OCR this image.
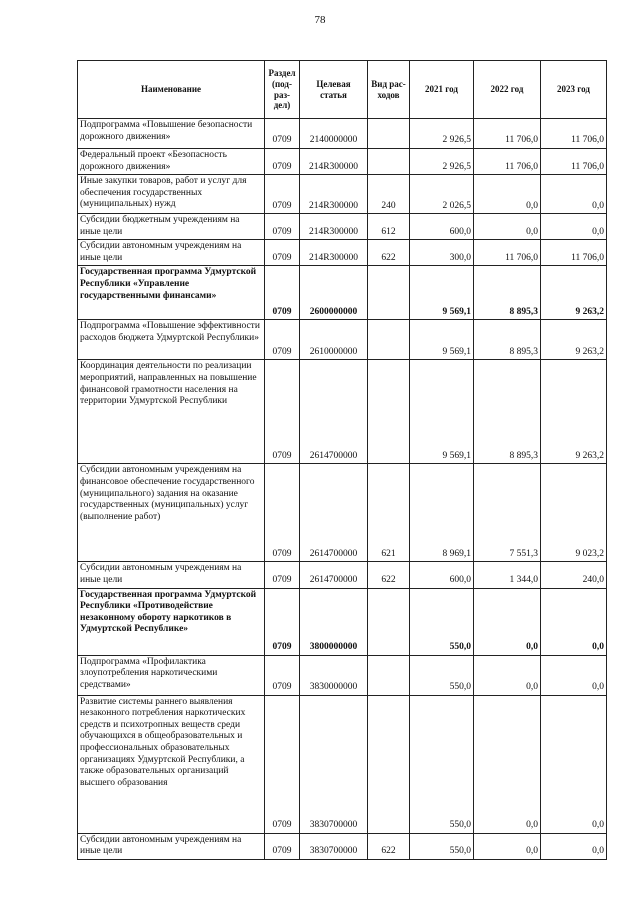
78
Наименование	Раздел (под-раз-дел)	Целевая статья	Вид рас-ходов	2021 год	2022 год	2023 год
Подпрограмма «Повышение безопасности дорожного движения»	0709	2140000000		2 926,5	11 706,0	11 706,0
Федеральный проект «Безопасность дорожного движения»	0709	214R300000		2 926,5	11 706,0	11 706,0
Иные закупки товаров, работ и услуг для обеспечения государственных (муниципальных) нужд	0709	214R300000	240	2 026,5	0,0	0,0
Субсидии бюджетным учреждениям на иные цели	0709	214R300000	612	600,0	0,0	0,0
Субсидии автономным учреждениям на иные цели	0709	214R300000	622	300,0	11 706,0	11 706,0
Государственная программа Удмуртской Республики «Управление государственными финансами»	0709	2600000000		9 569,1	8 895,3	9 263,2
Подпрограмма «Повышение эффективности расходов бюджета Удмуртской Республики»	0709	2610000000		9 569,1	8 895,3	9 263,2
Координация деятельности по реализации мероприятий, направленных на повышение финансовой грамотности населения на территории Удмуртской Республики	0709	2614700000		9 569,1	8 895,3	9 263,2
Субсидии автономным учреждениям на финансовое обеспечение государственного (муниципального) задания на оказание государственных (муниципальных) услуг (выполнение работ)	0709	2614700000	621	8 969,1	7 551,3	9 023,2
Субсидии автономным учреждениям на иные цели	0709	2614700000	622	600,0	1 344,0	240,0
Государственная программа Удмуртской Республики «Противодействие незаконному обороту наркотиков в Удмуртской Республике»	0709	3800000000		550,0	0,0	0,0
Подпрограмма «Профилактика злоупотребления наркотическими средствами»	0709	3830000000		550,0	0,0	0,0
Развитие системы раннего выявления незаконного потребления наркотических средств и психотропных веществ среди обучающихся в общеобразовательных и профессиональных образовательных организациях Удмуртской Республики, а также образовательных организаций высшего образования	0709	3830700000		550,0	0,0	0,0
Субсидии автономным учреждениям на иные цели	0709	3830700000	622	550,0	0,0	0,0
